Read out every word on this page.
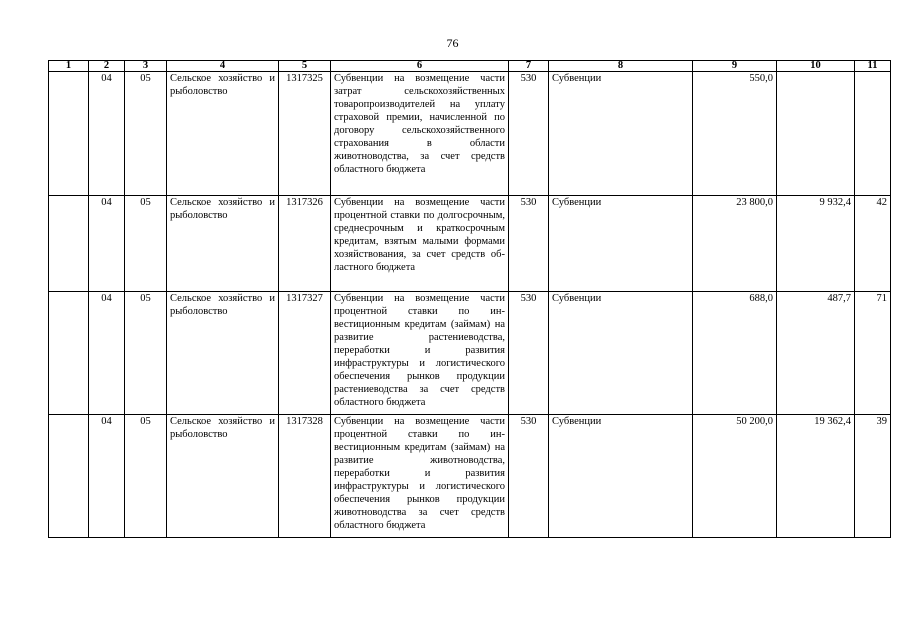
76
1	2	3	4	5	6	7	8	9	10	11
	04	05	Сельское хозяйство и рыболовство	1317325	Субвенции на возмещение части затрат сельскохозяйственных товаропроизводителей на уплату страховой премии, начисленной по договору сельскохозяйственного страхования в области животноводства, за счет средств областного бюджета	530	Субвенции	550,0		
	04	05	Сельское хозяйство и рыболовство	1317326	Субвенции на возмещение части процентной ставки по долгосрочным, среднесрочным и краткосрочным кредитам, взятым малыми формами хозяйствования, за счет средств областного бюджета	530	Субвенции	23 800,0	9 932,4	42
	04	05	Сельское хозяйство и рыболовство	1317327	Субвенции на возмещение части процентной ставки по инвестиционным кредитам (займам) на развитие растениеводства, переработки и развития инфраструктуры и логистического обеспечения рынков продукции растениеводства за счет средств областного бюджета	530	Субвенции	688,0	487,7	71
	04	05	Сельское хозяйство и рыболовство	1317328	Субвенции на возмещение части процентной ставки по инвестиционным кредитам (займам) на развитие животноводства, переработки и развития инфраструктуры и логистического обеспечения рынков продукции животноводства за счет средств областного бюджета	530	Субвенции	50 200,0	19 362,4	39
